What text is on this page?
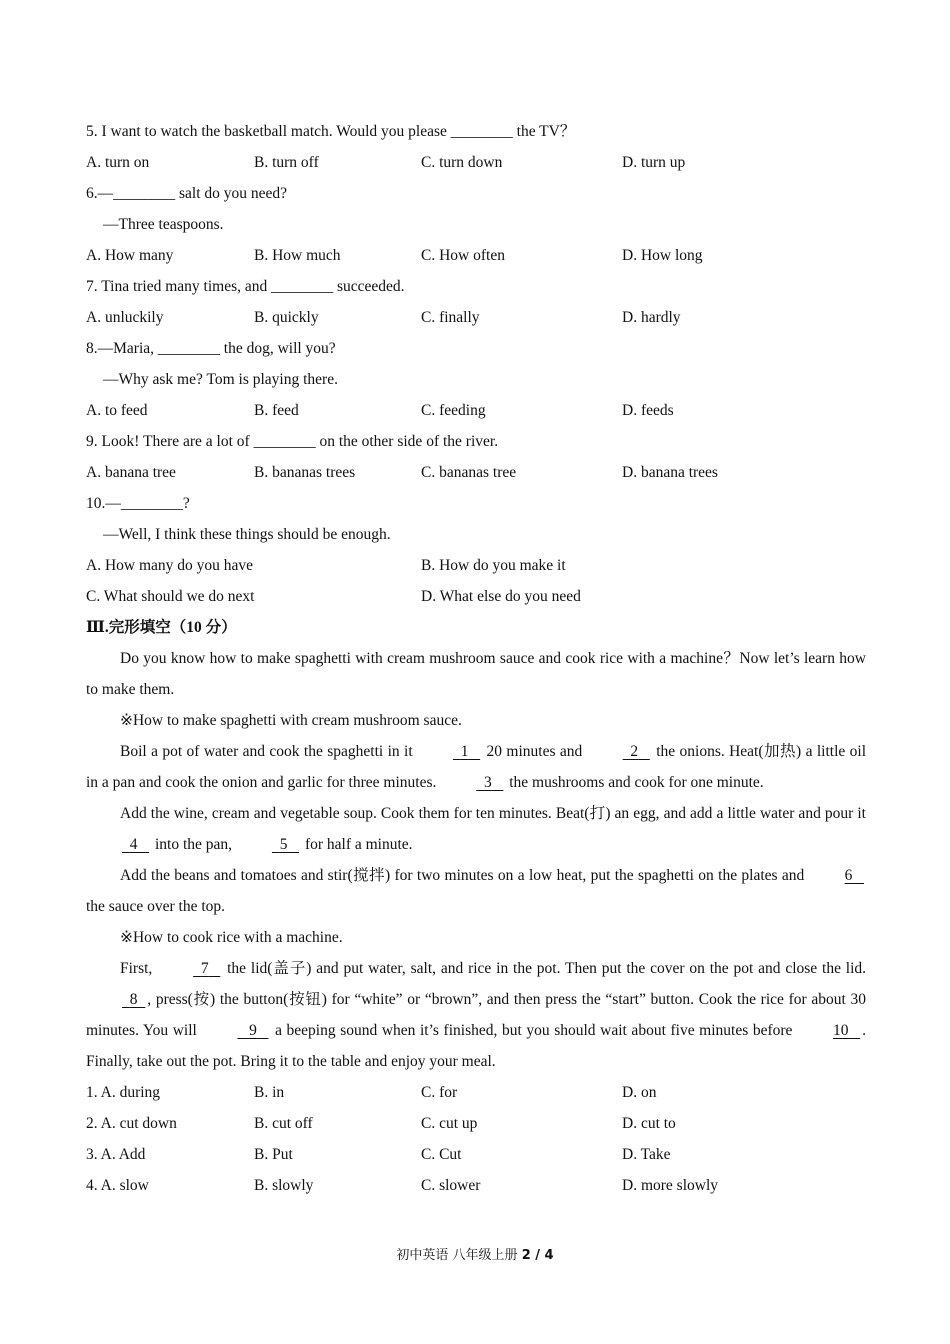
5. I want to watch the basketball match. Would you please ________ the TV？
A. turn on	B. turn off	C. turn down	D. turn up
6.—________ salt do you need?
—Three teaspoons.
A. How many	B. How much	C. How often	D. How long
7. Tina tried many times, and ________ succeeded.
A. unluckily	B. quickly	C. finally	D. hardly
8.—Maria, ________ the dog, will you?
—Why ask me? Tom is playing there.
A. to feed	B. feed	C. feeding	D. feeds
9. Look! There are a lot of ________ on the other side of the river.
A. banana tree	B. bananas trees	C. bananas tree	D. banana trees
10.—________?
—Well, I think these things should be enough.
A. How many do you have	B. How do you make it
C. What should we do next	D. What else do you need
Ⅲ.完形填空（10 分）
Do you know how to make spaghetti with cream mushroom sauce and cook rice with a machine？Now let’s learn how to make them.
※How to make spaghetti with cream mushroom sauce.
Boil a pot of water and cook the spaghetti in it	1 20 minutes and	2 the onions. Heat(加热) a little oil in a pan and cook the onion and garlic for three minutes.	3 the mushrooms and cook for one minute.
Add the wine, cream and vegetable soup. Cook them for ten minutes. Beat(打) an egg, and add a little water and pour it   4 into the pan,	5 for half a minute.
Add the beans and tomatoes and stir(搅拌) for two minutes on a low heat, put the spaghetti on the plates and	6    the sauce over the top.
※How to cook rice with a machine.
First,	7 the lid(盖子) and put water, salt, and rice in the pot. Then put the cover on the pot and close the lid.   8 , press(按) the button(按钮) for “white” or “brown”, and then press the “start” button. Cook the rice for about 30 minutes. You will	9 a beeping sound when it’s finished, but you should wait about five minutes before	10 . Finally, take out the pot. Bring it to the table and enjoy your meal.
1. A. during	B. in	C. for	D. on
2. A. cut down	B. cut off	C. cut up	D. cut to
3. A. Add	B. Put	C. Cut	D. Take
4. A. slow	B. slowly	C. slower	D. more slowly
初中英语 八年级上册 2 / 4
